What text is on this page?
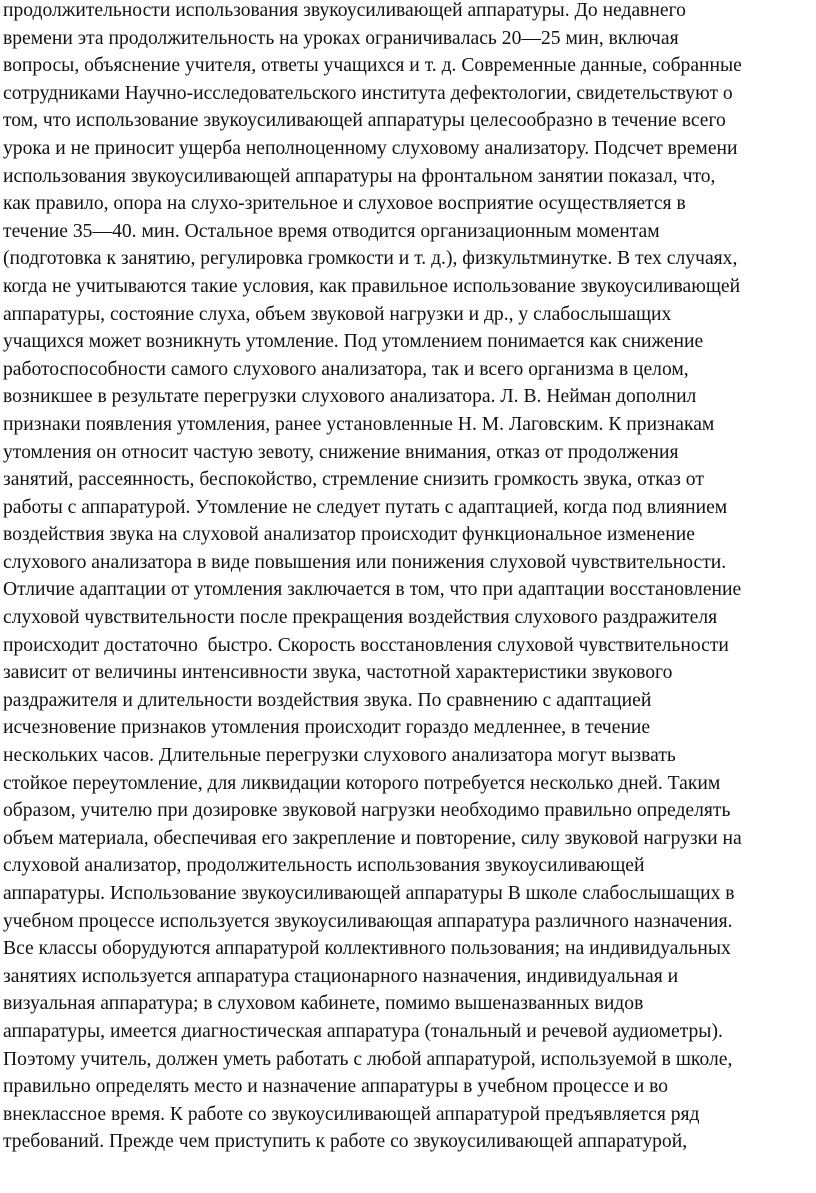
продолжительности использования звукоусиливающей аппаратуры. До недавнего
времени эта продолжительность на уроках ограничивалась 20—25 мин, включая
вопросы, объяснение учителя, ответы учащихся и т. д. Современные данные, собранные
сотрудниками Научно-исследовательского института дефектологии, свидетельствуют о
том, что использование звукоусиливающей аппаратуры целесообразно в течение всего
урока и не приносит ущерба неполноценному слуховому анализатору. Подсчет времени
использования звукоусиливающей аппаратуры на фронтальном занятии показал, что,
как правило, опора на слухо-зрительное и слуховое восприятие осуществляется в
течение 35—40. мин. Остальное время отводится организационным моментам
(подготовка к занятию, регулировка громкости и т. д.), физкультминутке. В тех случаях,
когда не учитываются такие условия, как правильное использование звукоусиливающей
аппаратуры, состояние слуха, объем звуковой нагрузки и др., у слабослышащих
учащихся может возникнуть утомление. Под утомлением понимается как снижение
работоспособности самого слухового анализатора, так и всего организма в целом,
возникшее в результате перегрузки слухового анализатора. Л. В. Нейман дополнил
признаки появления утомления, ранее установленные Н. М. Лаговским. К признакам
утомления он относит частую зевоту, снижение внимания, отказ от продолжения
занятий, рассеянность, беспокойство, стремление снизить громкость звука, отказ от
работы с аппаратурой. Утомление не следует путать с адаптацией, когда под влиянием
воздействия звука на слуховой анализатор происходит функциональное изменение
слухового анализатора в виде повышения или понижения слуховой чувствительности.
Отличие адаптации от утомления заключается в том, что при адаптации восстановление
слуховой чувствительности после прекращения воздействия слухового раздражителя
происходит достаточно  быстро. Скорость восстановления слуховой чувствительности
зависит от величины интенсивности звука, частотной характеристики звукового
раздражителя и длительности воздействия звука. По сравнению с адаптацией
исчезновение признаков утомления происходит гораздо медленнее, в течение
нескольких часов. Длительные перегрузки слухового анализатора могут вызвать
стойкое переутомление, для ликвидации которого потребуется несколько дней. Таким
образом, учителю при дозировке звуковой нагрузки необходимо правильно определять
объем материала, обеспечивая его закрепление и повторение, силу звуковой нагрузки на
слуховой анализатор, продолжительность использования звукоусиливающей
аппаратуры. Использование звукоусиливающей аппаратуры В школе слабослышащих в
учебном процессе используется звукоусиливающая аппаратура различного назначения.
Все классы оборудуются аппаратурой коллективного пользования; на индивидуальных
занятиях используется аппаратура стационарного назначения, индивидуальная и
визуальная аппаратура; в слуховом кабинете, помимо вышеназванных видов
аппаратуры, имеется диагностическая аппаратура (тональный и речевой аудиометры).
Поэтому учитель, должен уметь работать с любой аппаратурой, используемой в школе,
правильно определять место и назначение аппаратуры в учебном процессе и во
внеклассное время. К работе со звукоусиливающей аппаратурой предъявляется ряд
требований. Прежде чем приступить к работе со звукоусиливающей аппаратурой,
